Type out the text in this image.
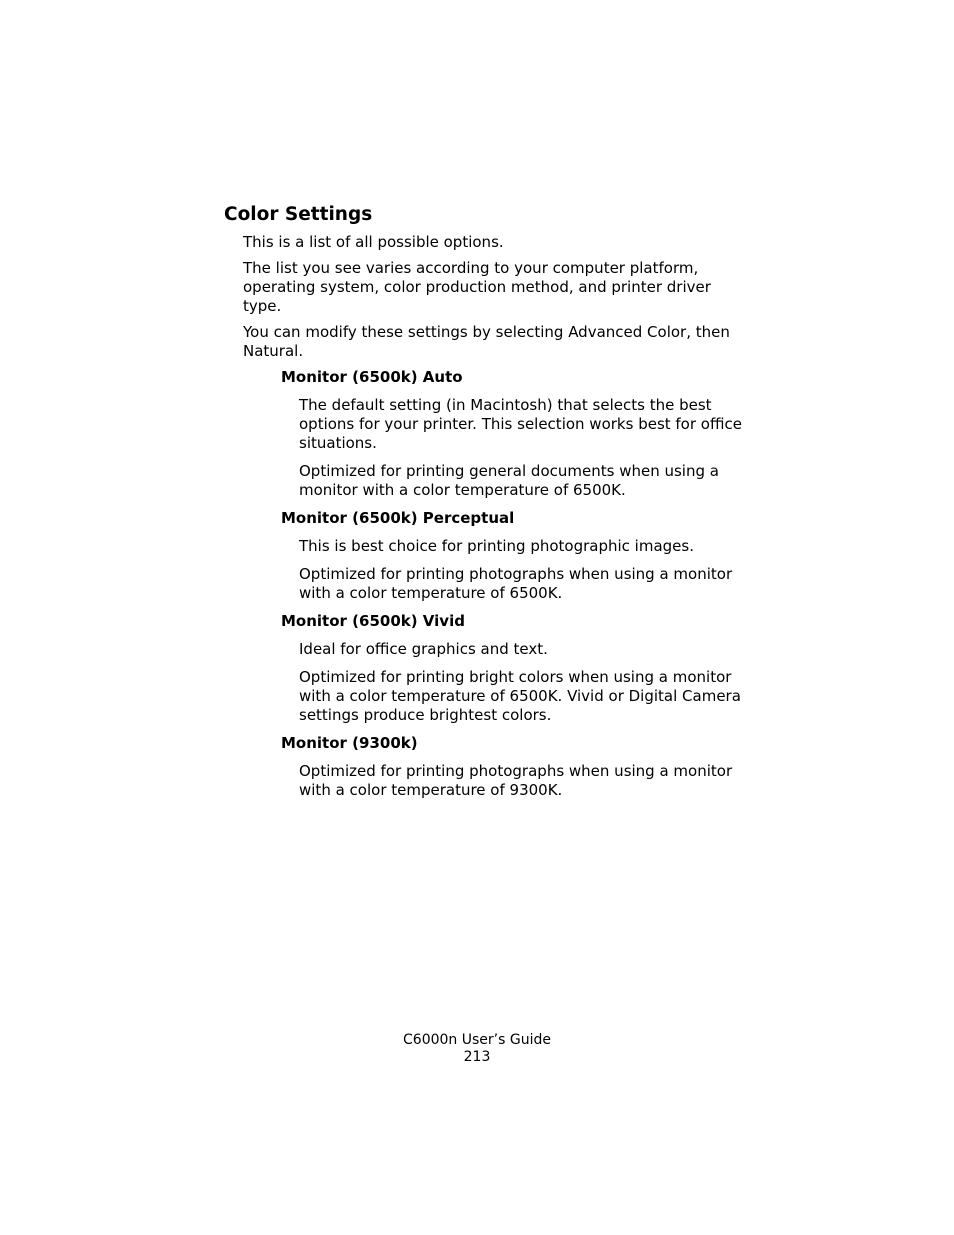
Color Settings

This is a list of all possible options.

The list you see varies according to your computer platform, operating system, color production method, and printer driver type.

You can modify these settings by selecting Advanced Color, then Natural.

Monitor (6500k) Auto

The default setting (in Macintosh) that selects the best options for your printer. This selection works best for office situations.

Optimized for printing general documents when using a monitor with a color temperature of 6500K.

Monitor (6500k) Perceptual

This is best choice for printing photographic images.

Optimized for printing photographs when using a monitor with a color temperature of 6500K.

Monitor (6500k) Vivid

Ideal for office graphics and text.

Optimized for printing bright colors when using a monitor with a color temperature of 6500K. Vivid or Digital Camera settings produce brightest colors.

Monitor (9300k)

Optimized for printing photographs when using a monitor with a color temperature of 9300K.

C6000n User’s Guide
213
